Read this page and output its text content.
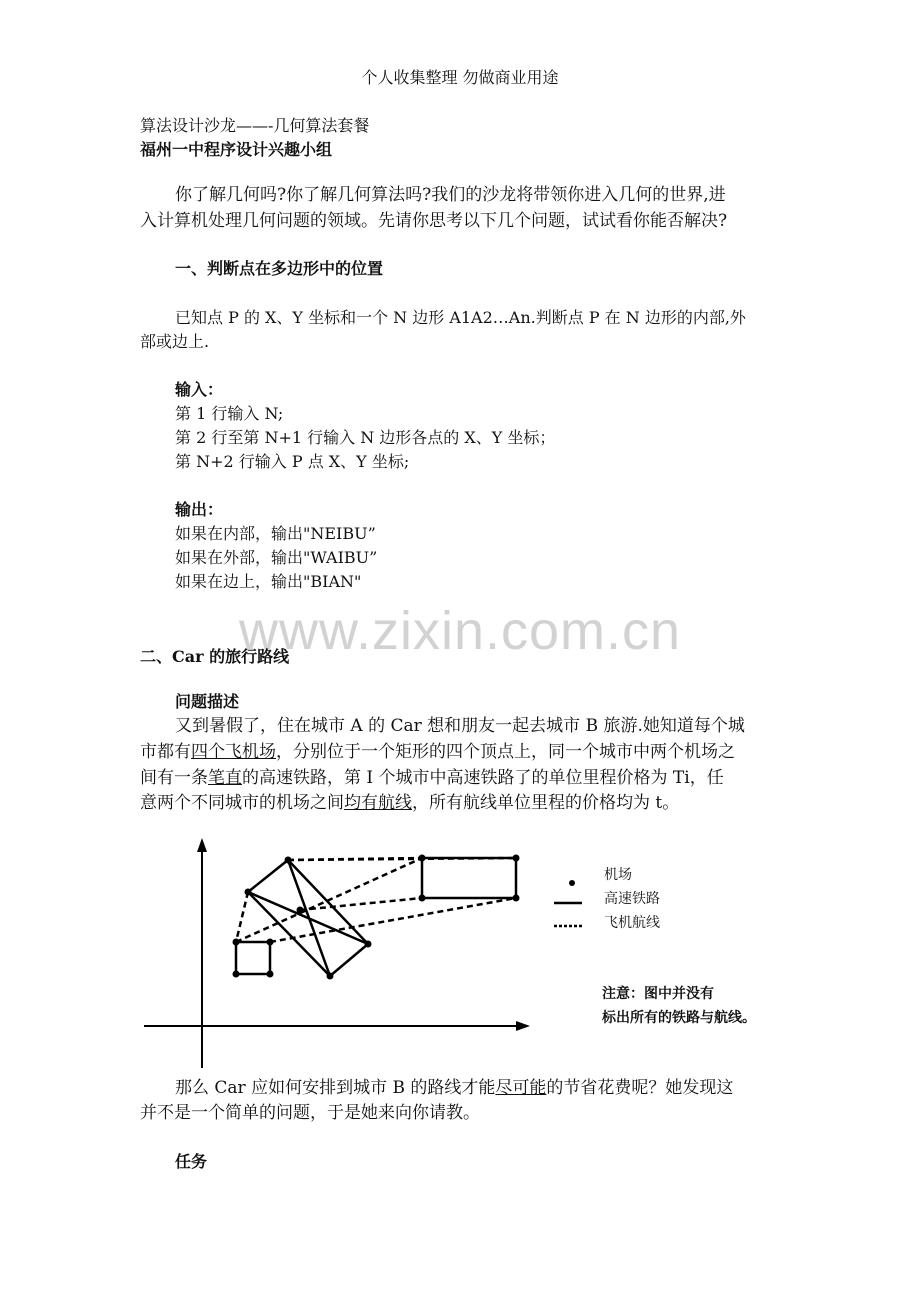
www.zixin.com.cn
个人收集整理 勿做商业用途
算法设计沙龙——-几何算法套餐
福州一中程序设计兴趣小组
你了解几何吗?你了解几何算法吗?我们的沙龙将带领你进入几何的世界,进
入计算机处理几何问题的领域。先请你思考以下几个问题，试试看你能否解决?
一、判断点在多边形中的位置
已知点 P 的 X、Y 坐标和一个 N 边形 A1A2…An.判断点 P 在 N 边形的内部,外
部或边上.
输入：
第 1 行输入 N;
第 2 行至第 N+1 行输入 N 边形各点的 X、Y 坐标；
第 N+2 行输入 P 点 X、Y 坐标;
输出：
如果在内部，输出"NEIBU”
如果在外部，输出"WAIBU”
如果在边上，输出"BIAN"
二、Car 的旅行路线
问题描述
又到暑假了，住在城市 A 的 Car 想和朋友一起去城市 B 旅游.她知道每个城
市都有四个飞机场，分别位于一个矩形的四个顶点上，同一个城市中两个机场之
间有一条笔直的高速铁路，第 I 个城市中高速铁路了的单位里程价格为 Ti，任
意两个不同城市的机场之间均有航线，所有航线单位里程的价格均为 t。
机场
高速铁路
飞机航线
注意：图中并没有
标出所有的铁路与航线。
那么 Car 应如何安排到城市 B 的路线才能尽可能的节省花费呢？她发现这
并不是一个简单的问题，于是她来向你请教。
任务
